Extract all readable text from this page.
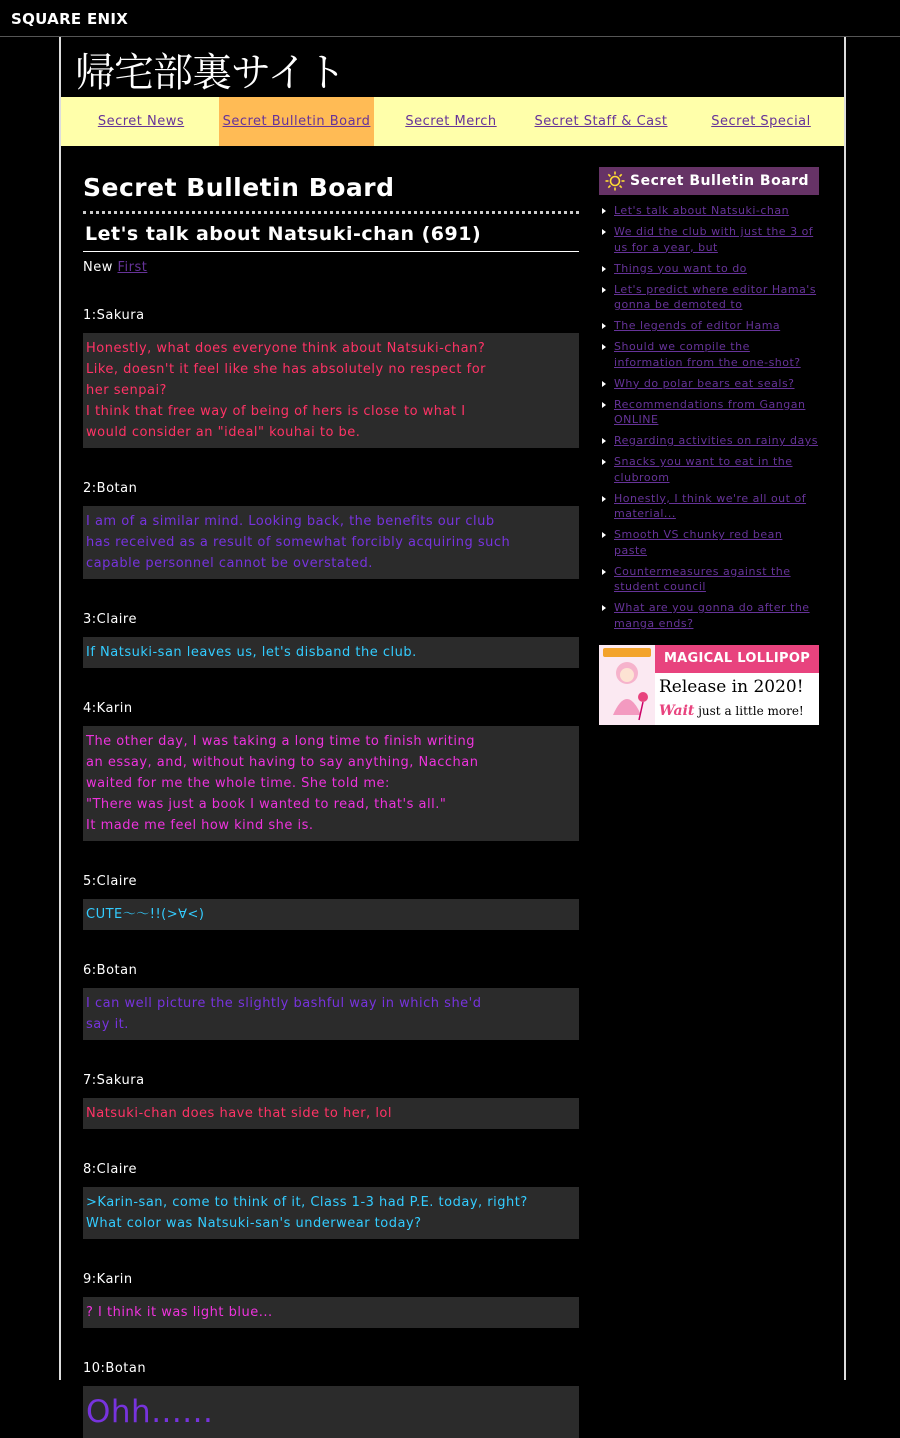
SQUARE ENIX
帰宅部裏サイト
Secret News	Secret Bulletin Board	Secret Merch	Secret Staff & Cast	Secret Special
Secret Bulletin Board
Let's talk about Natsuki-chan (691)
New First
1:Sakura
Honestly, what does everyone think about Natsuki-chan?
Like, doesn't it feel like she has absolutely no respect for
her senpai?
I think that free way of being of hers is close to what I
would consider an "ideal" kouhai to be.
2:Botan
I am of a similar mind. Looking back, the benefits our club
has received as a result of somewhat forcibly acquiring such
capable personnel cannot be overstated.
3:Claire
If Natsuki-san leaves us, let's disband the club.
4:Karin
The other day, I was taking a long time to finish writing
an essay, and, without having to say anything, Nacchan
waited for me the whole time. She told me:
"There was just a book I wanted to read, that's all."
It made me feel how kind she is.
5:Claire
CUTE～～!!(>∀<)
6:Botan
I can well picture the slightly bashful way in which she'd
say it.
7:Sakura
Natsuki-chan does have that side to her, lol
8:Claire
>Karin-san, come to think of it, Class 1-3 had P.E. today, right?
What color was Natsuki-san's underwear today?
9:Karin
? I think it was light blue...
10:Botan
Ohh......
Secret Bulletin Board
Let's talk about Natsuki-chan
We did the club with just the 3 of us for a year, but
Things you want to do
Let's predict where editor Hama's gonna be demoted to
The legends of editor Hama
Should we compile the information from the one-shot?
Why do polar bears eat seals?
Recommendations from Gangan ONLINE
Regarding activities on rainy days
Snacks you want to eat in the clubroom
Honestly, I think we're all out of material...
Smooth VS chunky red bean paste
Countermeasures against the student council
What are you gonna do after the manga ends?
MAGICAL LOLLIPOP
Release in 2020!
Wait just a little more!
